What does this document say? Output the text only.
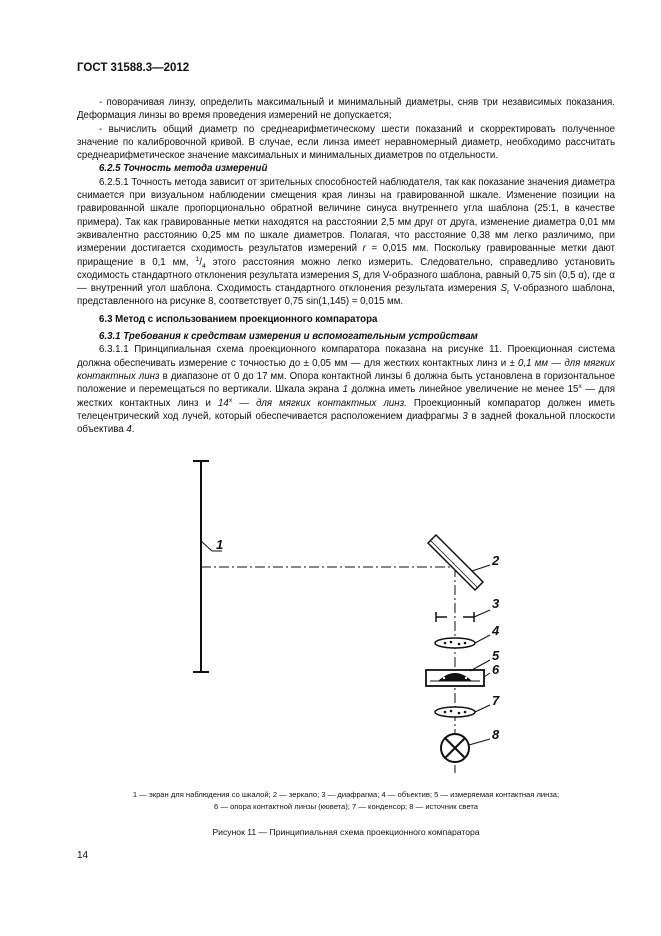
ГОСТ 31588.3—2012

- поворачивая линзу, определить максимальный и минимальный диаметры, сняв три независимых показания. Деформация линзы во время проведения измерений не допускается;

- вычислить общий диаметр по среднеарифметическому шести показаний и скорректировать полученное значение по калибровочной кривой. В случае, если линза имеет неравномерный диаметр, необходимо рассчитать среднеарифметическое значение максимальных и минимальных диаметров по отдельности.

6.2.5 Точность метода измерений

6.2.5.1 Точность метода зависит от зрительных способностей наблюдателя, так как показание значения диаметра снимается при визуальном наблюдении смещения края линзы на гравированной шкале. Изменение позиции на гравированной шкале пропорционально обратной величине синуса внутреннего угла шаблона (25:1, в качестве примера). Так как гравированные метки находятся на расстоянии 2,5 мм друг от друга, изменение диаметра 0,01 мм эквивалентно расстоянию 0,25 мм по шкале диаметров. Полагая, что расстояние 0,38 мм легко различимо, при измерении достигается сходимость результатов измерений r = 0,015 мм. Поскольку гравированные метки дают приращение в 0,1 мм, $^1/_4$ этого расстояния можно легко измерить. Следовательно, справедливо установить сходимость стандартного отклонения результата измерения $S_r$ для V-образного шаблона, равный 0,75 sin (0,5 α), где α — внутренний угол шаблона. Сходимость стандартного отклонения результата измерения $S_r$ V-образного шаблона, представленного на рисунке 8, соответствует 0,75 sin(1,145) = 0,015 мм.

6.3 Метод с использованием проекционного компаратора

6.3.1 Требования к средствам измерения и вспомогательным устройствам

6.3.1.1 Принципиальная схема проекционного компаратора показана на рисунке 11. Проекционная система должна обеспечивать измерение с точностью до ± 0,05 мм — для жестких контактных линз и ± 0,1 мм — для мягких контактных линз в диапазоне от 0 до 17 мм. Опора контактной линзы 6 должна быть установлена в горизонтальное положение и перемещаться по вертикали. Шкала экрана 1 должна иметь линейное увеличение не менее 15$^x$ — для жестких контактных линз и 14$^x$ — для мягких контактных линз. Проекционный компаратор должен иметь телецентрический ход лучей, который обеспечивается расположением диафрагмы 3 в задней фокальной плоскости объектива 4.

1
2
3
4
5
6
7
8
1 — экран для наблюдения со шкалой; 2 — зеркало; 3 — диафрагма; 4 — объектив; 5 — измеряемая контактная линза;
6 — опора контактной линзы (кювета); 7 — конденсор; 8 — источник света
Рисунок 11 — Принципиальная схема проекционного компаратора
14
